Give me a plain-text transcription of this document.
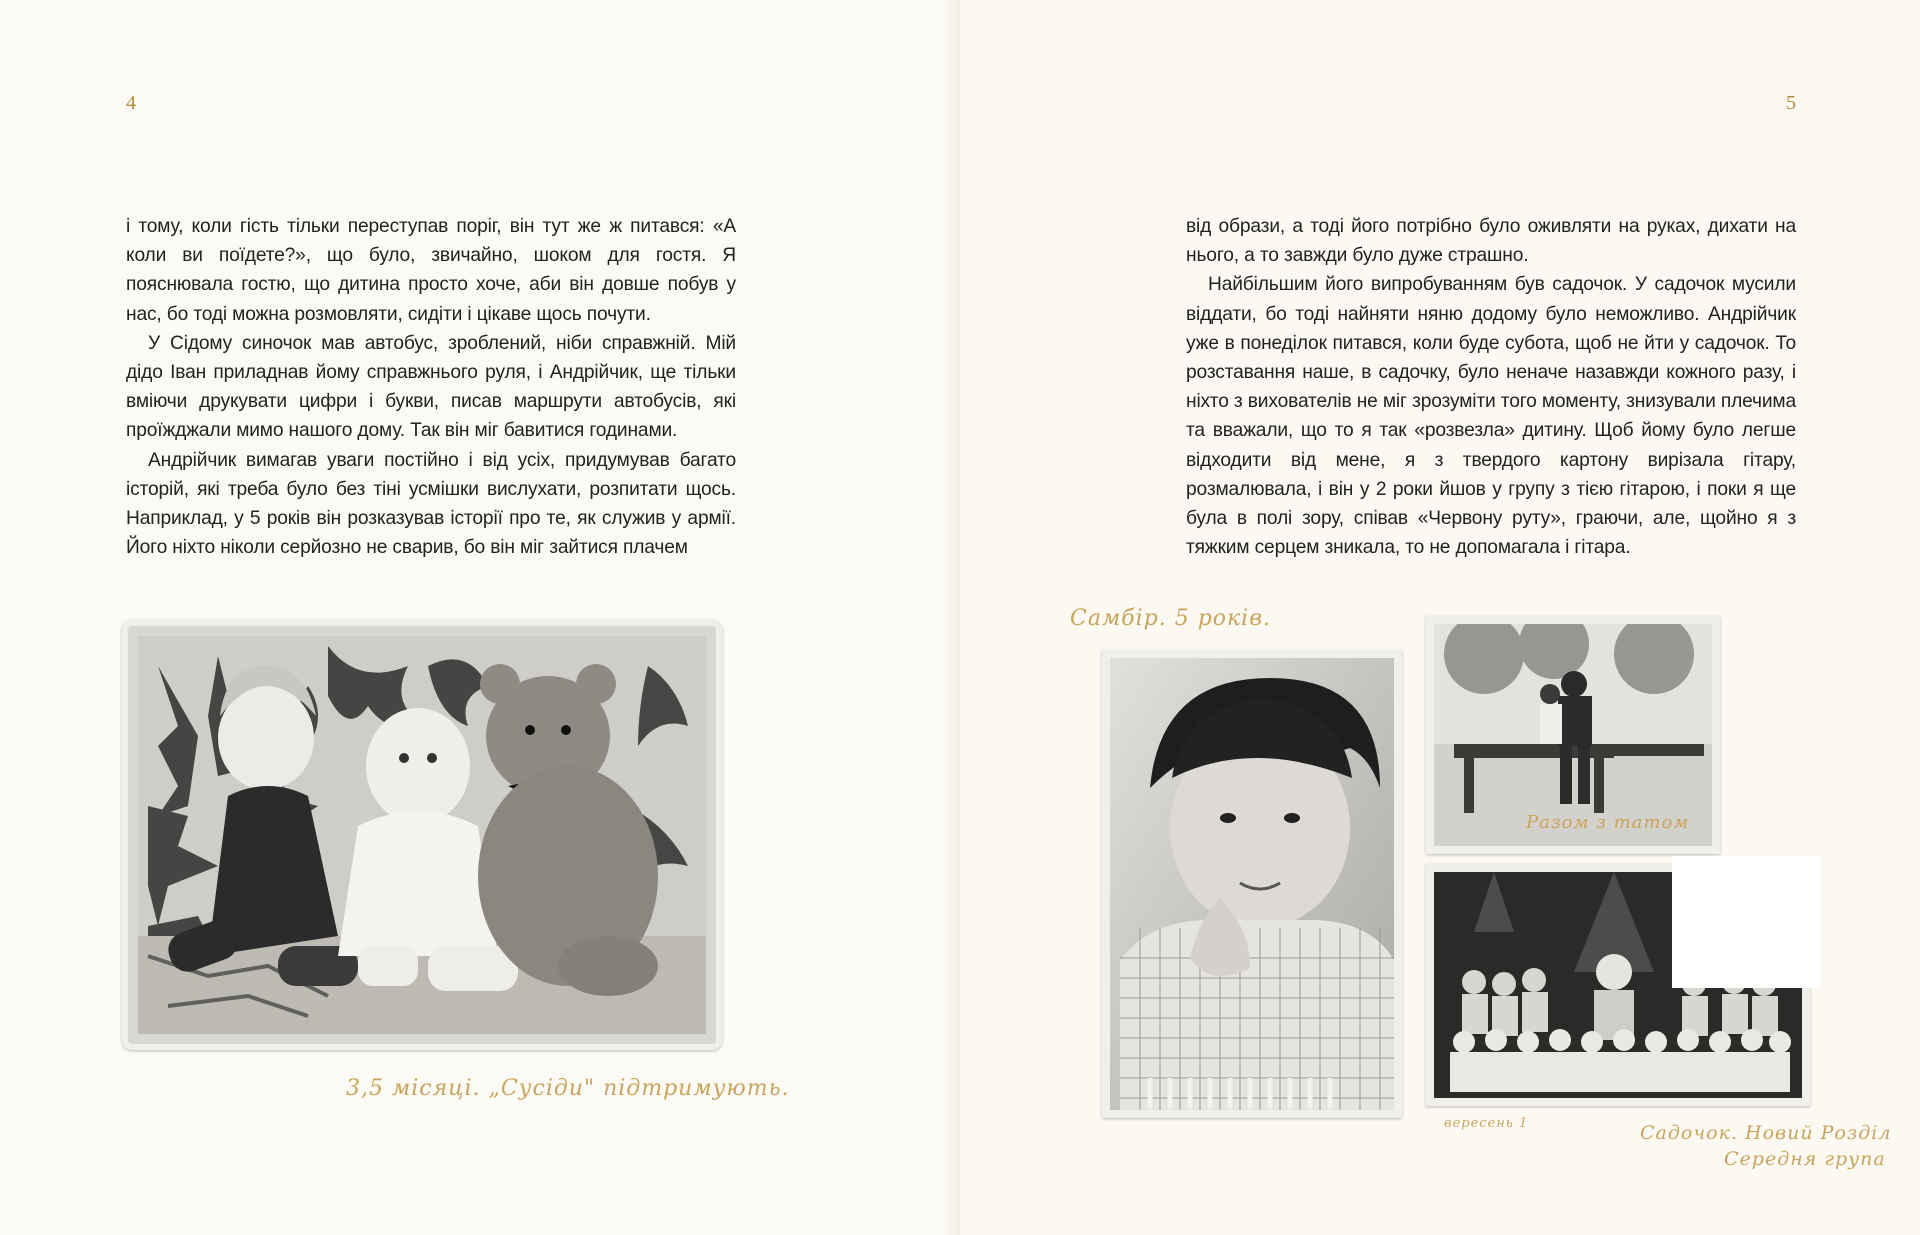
4

і тому, коли гість тільки переступав поріг, він тут же ж питався: «А коли ви поїдете?», що було, звичайно, шоком для гостя. Я пояснювала гостю, що дитина просто хоче, аби він довше побув у нас, бо тоді можна розмовляти, сидіти і цікаве щось почути.

У Сідому синочок мав автобус, зроблений, ніби справжній. Мій дідо Іван приладнав йому справжнього руля, і Андрійчик, ще тільки вміючи друкувати цифри і букви, писав маршрути автобусів, які проїжджали мимо нашого дому. Так він міг бавитися годинами.

Андрійчик вимагав уваги постійно і від усіх, придумував багато історій, які треба було без тіні усмішки вислухати, розпитати щось. Наприклад, у 5 років він розказував історії про те, як служив у армії. Його ніхто ніколи серйозно не сварив, бо він міг зайтися плачем

3,5 місяці. „Сусіди" підтримують.
5

від образи, а тоді його потрібно було оживляти на руках, дихати на нього, а то завжди було дуже страшно.

Найбільшим його випробуванням був садочок. У садочок мусили віддати, бо тоді найняти няню додому було неможливо. Андрійчик уже в понеділок питався, коли буде субота, щоб не йти у садочок. То розставання наше, в садочку, було неначе назавжди кожного разу, і ніхто з вихователів не міг зрозуміти того моменту, знизували плечима та вважали, що то я так «розвезла» дитину. Щоб йому було легше відходити від мене, я з твердого картону вирізала гітару, розмалювала, і він у 2 роки йшов у групу з тією гітарою, і поки я ще була в полі зору, співав «Червону руту», граючи, але, щойно я з тяжким серцем зникала, то не допомагала і гітара.

Самбір. 5 років.
Разом з татом
вересень 1	Садочок. Новий Розділ
Середня група
